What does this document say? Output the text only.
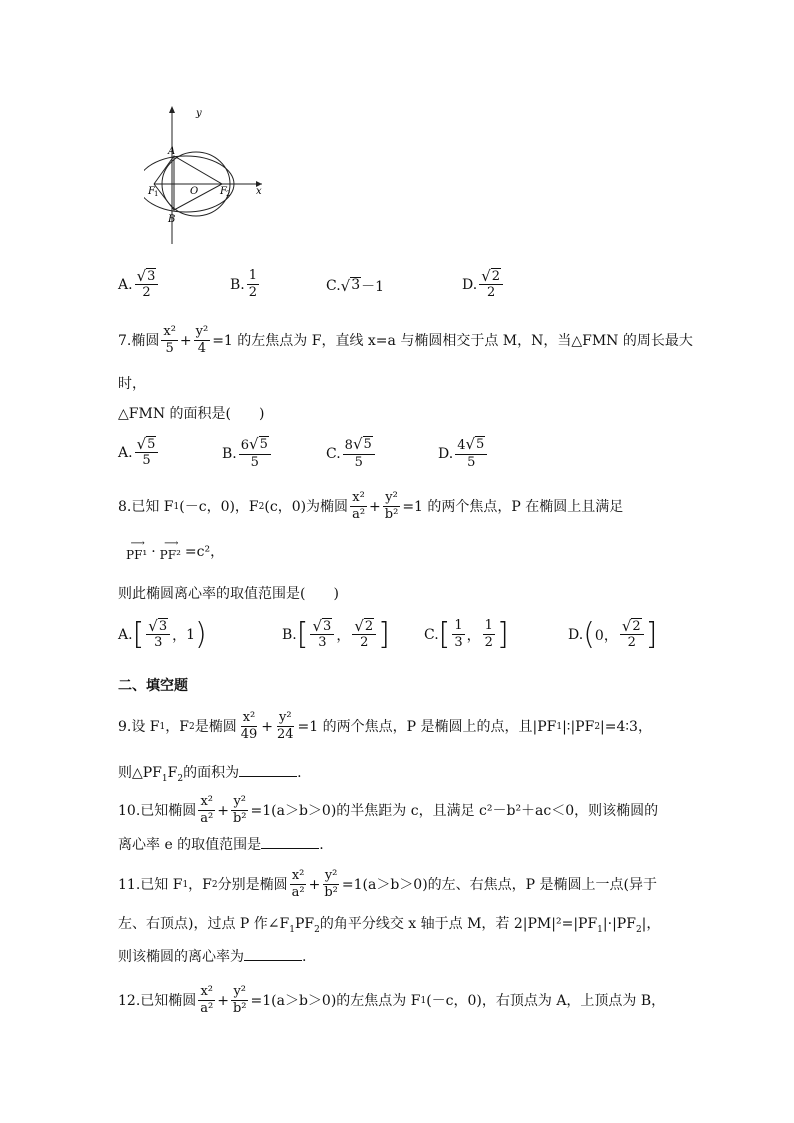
y
x
A
B
O
F 1	F 2
A. $\frac{√ 3}{2}$	B. $\frac{1}{2}$	C. √ 3 －1	D. $\frac{√ 2}{2}$
7.椭圆 $\frac{\text{x²}}{5} + \frac{\text{y²}}{4} =1$ 的左焦点为 F，直线 x=a 与椭圆相交于点 M，N，当△FMN 的周长最大
时，
△FMN 的面积是(　　)
A. $\frac{√ 5}{5}$	B. $\frac{6 √ 5}{5}$	C. $\frac{8 √ 5}{5}$	D. $\frac{4 √ 5}{5}$
8.已知 F 1 (－c，0)，F 2 (c，0)为椭圆 $\frac{\text{x²}}{\text{a²}} + \frac{\text{y²}}{\text{b²}} =1$ 的两个焦点，P 在椭圆上且满足
⟶
PF¹ ·
⟶
PF² =c²，
则此椭圆离心率的取值范围是(　　)
A. [ $\frac{√ 3}{3}$ ， 1 )	B. [ $\frac{√ 3}{3}$ ， $\frac{√ 2}{2}$ ] C. [ $\frac{1}{3}$ ， $\frac{1}{2}$ ]	D. ( 0， $\frac{√ 2}{2}$ ]
二、填空题
9.设 F 1 ，F 2 是椭圆 $\frac{\text{x²}}{49} + \frac{\text{y²}}{24} =1$ 的两个焦点，P 是椭圆上的点，且|PF 1 |∶|PF 2 |=4∶3，
则$\triangle PF_1F_2$的面积为	.
10.已知椭圆 $\frac{\text{x²}}{\text{a²}} + \frac{\text{y²}}{\text{b²}} =1(a>b>0)$的半焦距为 c，且满足 c²－b²＋ac＜0，则该椭圆的
离心率 e 的取值范围是	.
11.已知 F 1 ，F 2 分别是椭圆 $\frac{\text{x²}}{\text{a²}} + \frac{\text{y²}}{\text{b²}} =1(a>b>0)$的左、右焦点，P 是椭圆上一点(异于
左、右顶点)，过点 P 作$\angle F_1PF_2$的角平分线交 x 轴于点 M，若 $2|PM|^2=|PF_1|\cdot|PF_2|$，
则该椭圆的离心率为	.
12.已知椭圆 $\frac{\text{x²}}{\text{a²}} + \frac{\text{y²}}{\text{b²}} =1(a>b>0)$的左焦点为 F 1 (－c，0)，右顶点为 A，上顶点为 B，
